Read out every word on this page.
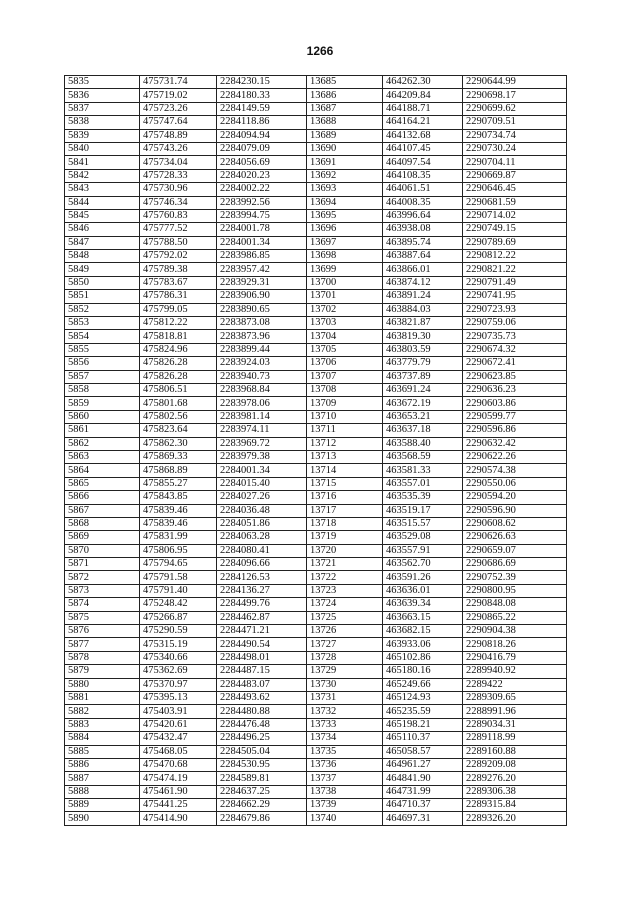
1266
5835	475731.74	2284230.15	13685	464262.30	2290644.99
5836	475719.02	2284180.33	13686	464209.84	2290698.17
5837	475723.26	2284149.59	13687	464188.71	2290699.62
5838	475747.64	2284118.86	13688	464164.21	2290709.51
5839	475748.89	2284094.94	13689	464132.68	2290734.74
5840	475743.26	2284079.09	13690	464107.45	2290730.24
5841	475734.04	2284056.69	13691	464097.54	2290704.11
5842	475728.33	2284020.23	13692	464108.35	2290669.87
5843	475730.96	2284002.22	13693	464061.51	2290646.45
5844	475746.34	2283992.56	13694	464008.35	2290681.59
5845	475760.83	2283994.75	13695	463996.64	2290714.02
5846	475777.52	2284001.78	13696	463938.08	2290749.15
5847	475788.50	2284001.34	13697	463895.74	2290789.69
5848	475792.02	2283986.85	13698	463887.64	2290812.22
5849	475789.38	2283957.42	13699	463866.01	2290821.22
5850	475783.67	2283929.31	13700	463874.12	2290791.49
5851	475786.31	2283906.90	13701	463891.24	2290741.95
5852	475799.05	2283890.65	13702	463884.03	2290723.93
5853	475812.22	2283873.08	13703	463821.87	2290759.06
5854	475818.81	2283873.96	13704	463819.30	2290735.73
5855	475824.96	2283899.44	13705	463803.59	2290674.32
5856	475826.28	2283924.03	13706	463779.79	2290672.41
5857	475826.28	2283940.73	13707	463737.89	2290623.85
5858	475806.51	2283968.84	13708	463691.24	2290636.23
5859	475801.68	2283978.06	13709	463672.19	2290603.86
5860	475802.56	2283981.14	13710	463653.21	2290599.77
5861	475823.64	2283974.11	13711	463637.18	2290596.86
5862	475862.30	2283969.72	13712	463588.40	2290632.42
5863	475869.33	2283979.38	13713	463568.59	2290622.26
5864	475868.89	2284001.34	13714	463581.33	2290574.38
5865	475855.27	2284015.40	13715	463557.01	2290550.06
5866	475843.85	2284027.26	13716	463535.39	2290594.20
5867	475839.46	2284036.48	13717	463519.17	2290596.90
5868	475839.46	2284051.86	13718	463515.57	2290608.62
5869	475831.99	2284063.28	13719	463529.08	2290626.63
5870	475806.95	2284080.41	13720	463557.91	2290659.07
5871	475794.65	2284096.66	13721	463562.70	2290686.69
5872	475791.58	2284126.53	13722	463591.26	2290752.39
5873	475791.40	2284136.27	13723	463636.01	2290800.95
5874	475248.42	2284499.76	13724	463639.34	2290848.08
5875	475266.87	2284462.87	13725	463663.15	2290865.22
5876	475290.59	2284471.21	13726	463682.15	2290904.38
5877	475315.19	2284490.54	13727	463933.06	2290818.26
5878	475340.66	2284498.01	13728	465102.86	2290416.79
5879	475362.69	2284487.15	13729	465180.16	2289940.92
5880	475370.97	2284483.07	13730	465249.66	2289422
5881	475395.13	2284493.62	13731	465124.93	2289309.65
5882	475403.91	2284480.88	13732	465235.59	2288991.96
5883	475420.61	2284476.48	13733	465198.21	2289034.31
5884	475432.47	2284496.25	13734	465110.37	2289118.99
5885	475468.05	2284505.04	13735	465058.57	2289160.88
5886	475470.68	2284530.95	13736	464961.27	2289209.08
5887	475474.19	2284589.81	13737	464841.90	2289276.20
5888	475461.90	2284637.25	13738	464731.99	2289306.38
5889	475441.25	2284662.29	13739	464710.37	2289315.84
5890	475414.90	2284679.86	13740	464697.31	2289326.20
